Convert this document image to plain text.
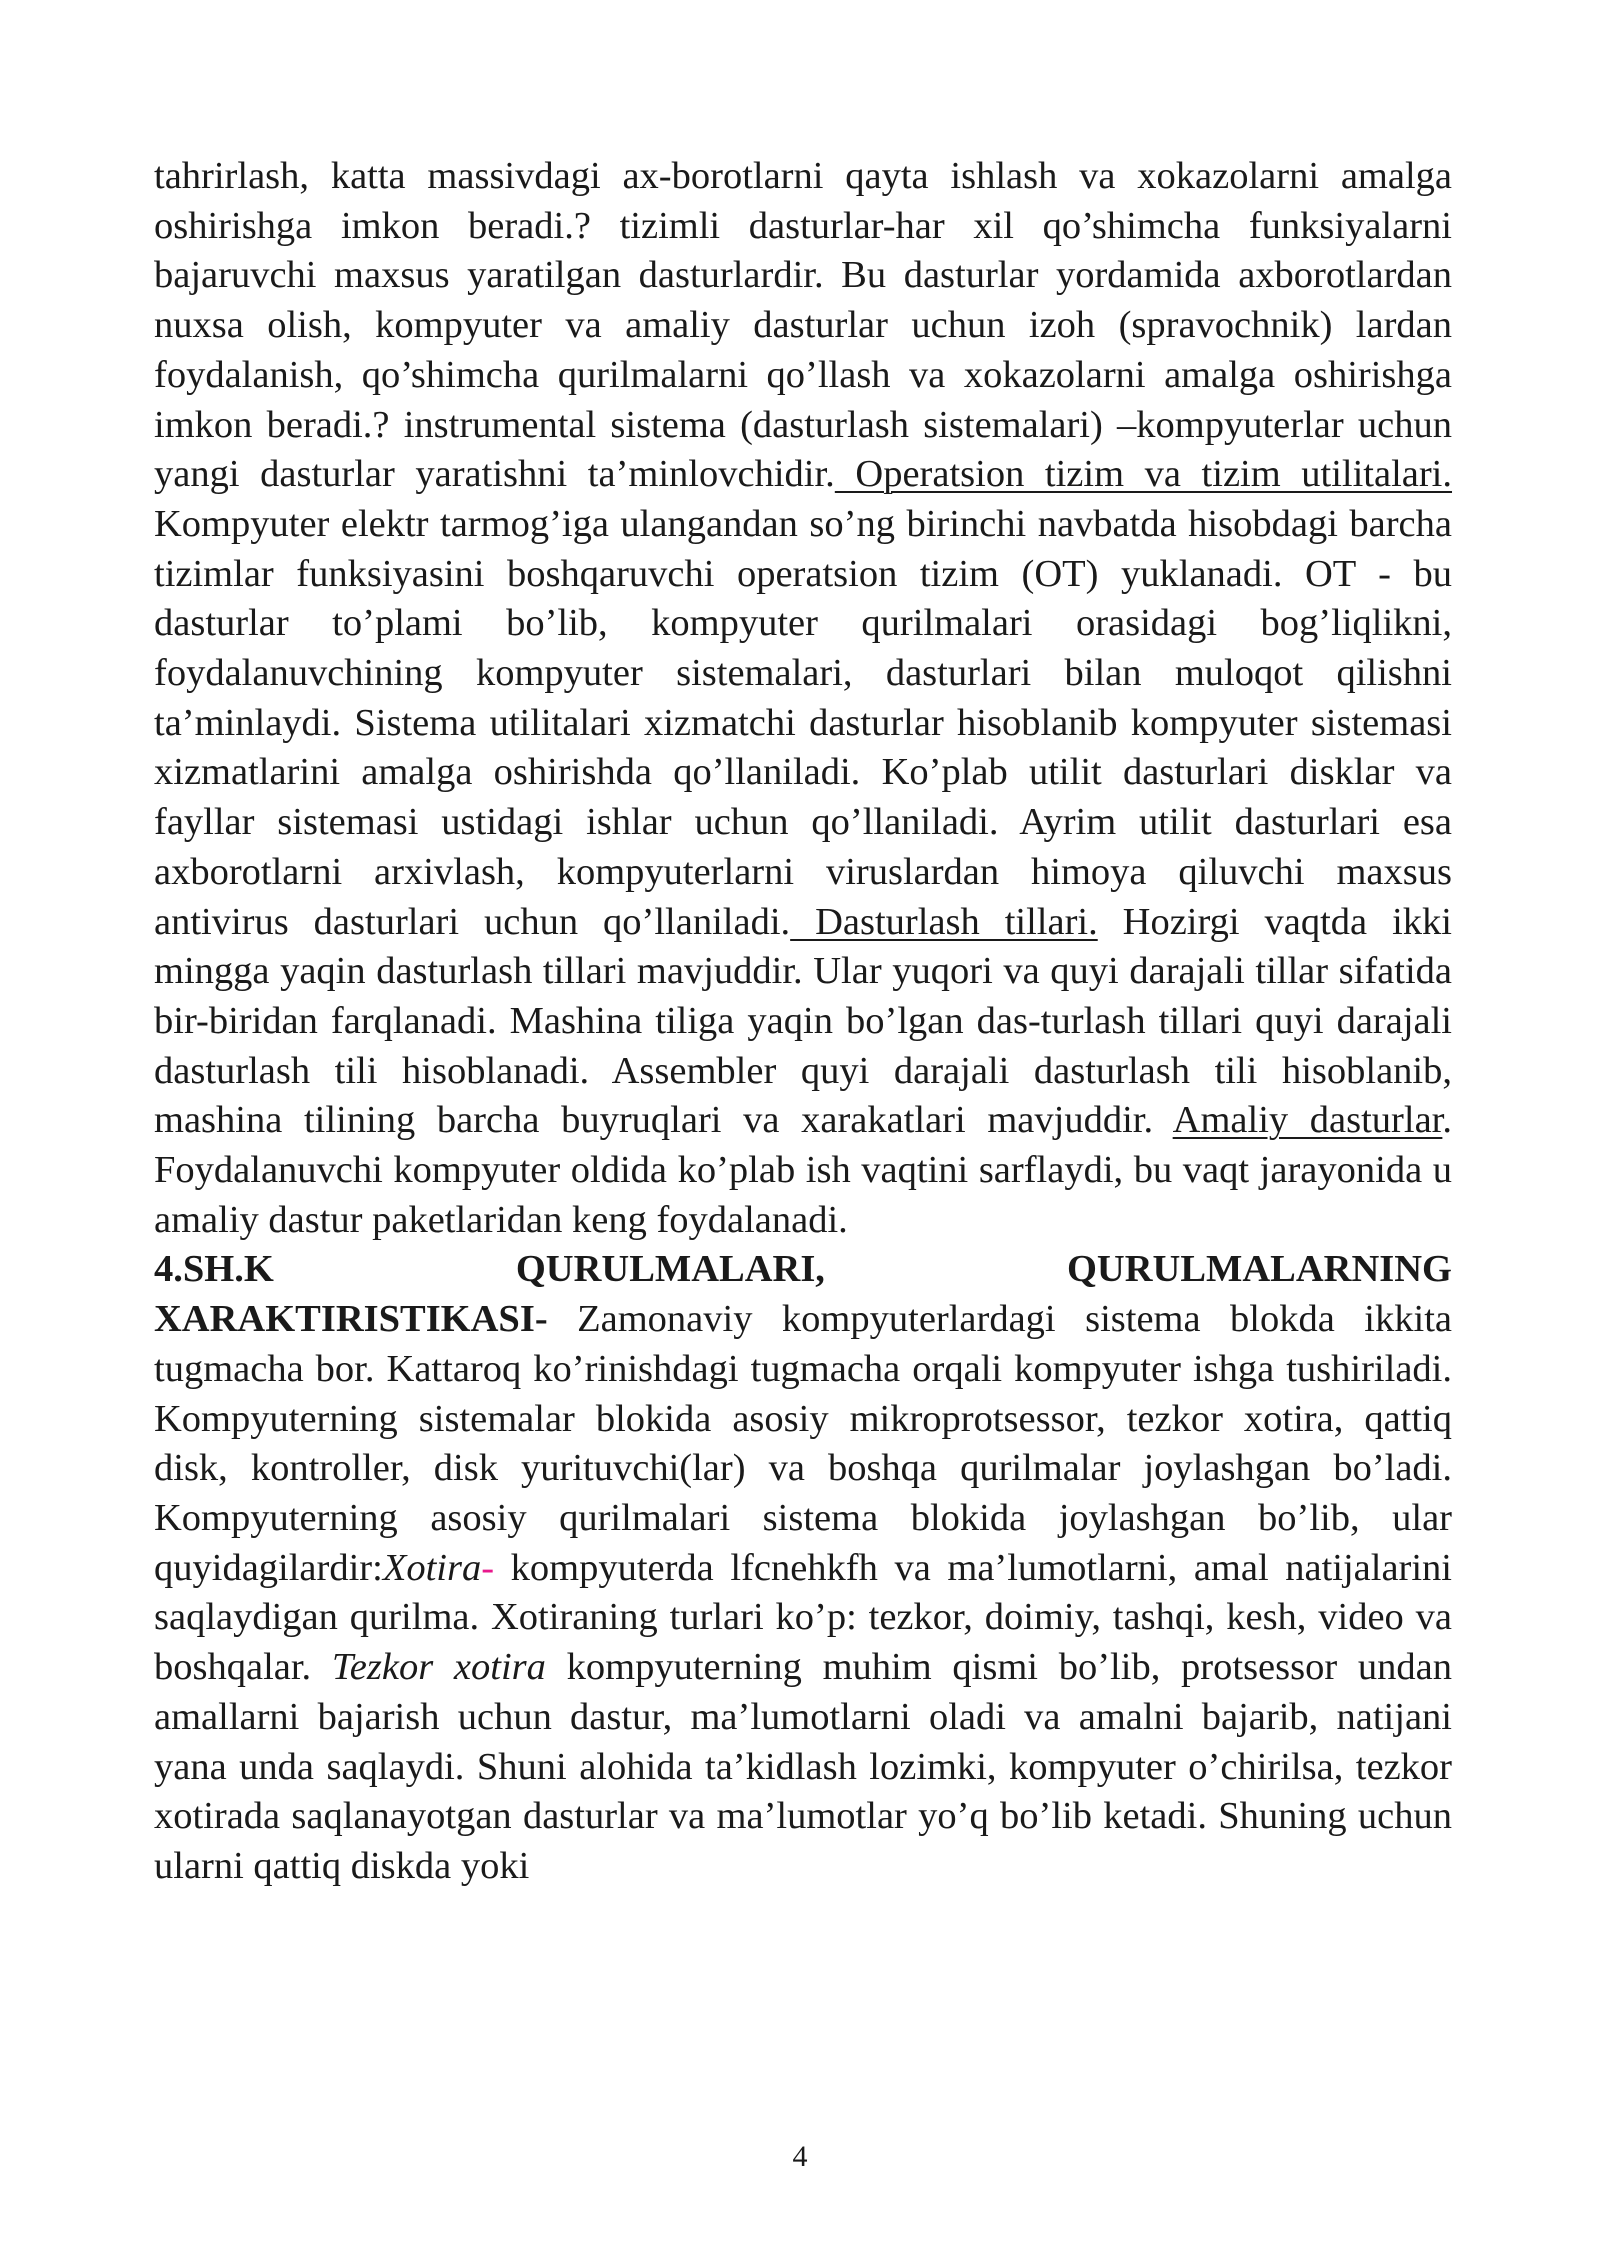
tahrirlash, katta massivdagi ax-borotlarni qayta ishlash va xokazolarni amalga oshirishga imkon beradi.? tizimli dasturlar-har xil qo’shimcha funksiyalarni bajaruvchi maxsus yaratilgan dasturlardir. Bu dasturlar yordamida axborotlardan nuxsa olish, kompyuter va amaliy dasturlar uchun izoh (spravochnik) lardan foydalanish, qo’shimcha qurilmalarni qo’llash va xokazolarni amalga oshirishga imkon beradi.? instrumental sistema (dasturlash sistemalari) –kompyuterlar uchun yangi dasturlar yaratishni ta’minlovchidir. Operatsion tizim va tizim utilitalari. Kompyuter elektr tarmog’iga ulangandan so’ng birinchi navbatda hisobdagi barcha tizimlar funksiyasini boshqaruvchi operatsion tizim (OT) yuklanadi. OT - bu dasturlar to’plami bo’lib, kompyuter qurilmalari orasidagi bog’liqlikni, foydalanuvchining kompyuter sistemalari, dasturlari bilan muloqot qilishni ta’minlaydi. Sistema utilitalari xizmatchi dasturlar hisoblanib kompyuter sistemasi xizmatlarini amalga oshirishda qo’llaniladi. Ko’plab utilit dasturlari disklar va fayllar sistemasi ustidagi ishlar uchun qo’llaniladi. Ayrim utilit dasturlari esa axborotlarni arxivlash, kompyuterlarni viruslardan himoya qiluvchi maxsus antivirus dasturlari uchun qo’llaniladi. Dasturlash tillari. Hozirgi vaqtda ikki mingga yaqin dasturlash tillari mavjuddir. Ular yuqori va quyi darajali tillar sifatida bir-biridan farqlanadi. Mashina tiliga yaqin bo’lgan das-turlash tillari quyi darajali dasturlash tili hisoblanadi. Assembler quyi darajali dasturlash tili hisoblanib, mashina tilining barcha buyruqlari va xarakatlari mavjuddir. Amaliy dasturlar. Foydalanuvchi kompyuter oldida ko’plab ish vaqtini sarflaydi, bu vaqt jarayonida u amaliy dastur paketlaridan keng foydalanadi.

4.SH.K	QURULMALARI,	QURULMALARNING

XARAKTIRISTIKASI- Zamonaviy kompyuterlardagi sistema blokda ikkita tugmacha bor. Kattaroq ko’rinishdagi tugmacha orqali kompyuter ishga tushiriladi. Kompyuterning sistemalar blokida asosiy mikroprotsessor, tezkor xotira, qattiq disk, kontroller, disk yurituvchi(lar) va boshqa qurilmalar joylashgan bo’ladi. Kompyuterning asosiy qurilmalari sistema blokida joylashgan bo’lib, ular quyidagilardir:Xotira- kompyuterda lfcnehkfh va ma’lumotlarni, amal natijalarini saqlaydigan qurilma. Xotiraning turlari ko’p: tezkor, doimiy, tashqi, kesh, video va boshqalar. Tezkor xotira kompyuterning muhim qismi bo’lib, protsessor undan amallarni bajarish uchun dastur, ma’lumotlarni oladi va amalni bajarib, natijani yana unda saqlaydi. Shuni alohida ta’kidlash lozimki, kompyuter o’chirilsa, tezkor xotirada saqlanayotgan dasturlar va ma’lumotlar yo’q bo’lib ketadi. Shuning uchun ularni qattiq diskda yoki

4
